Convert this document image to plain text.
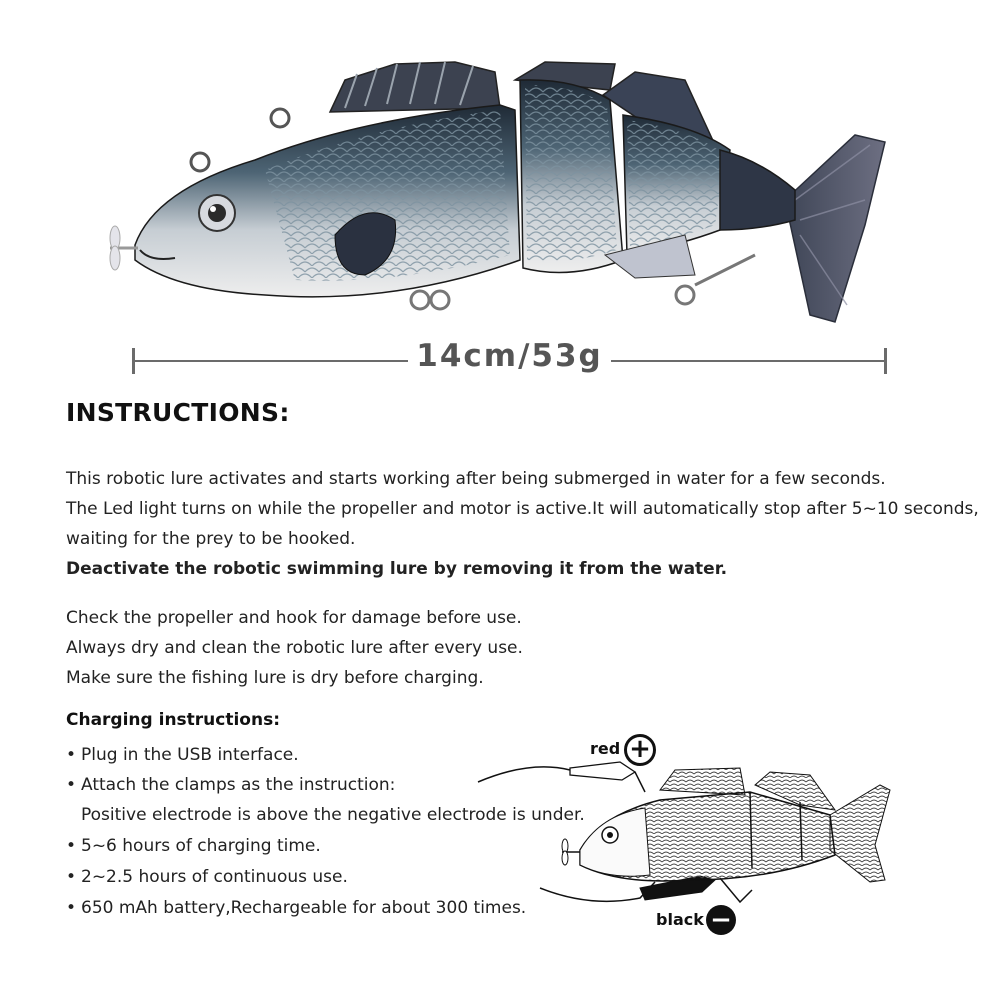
14cm/53g
INSTRUCTIONS:
This robotic lure activates and starts working after being submerged in water for a few seconds.
The Led light turns on while the propeller and motor is active.It will automatically stop after 5~10 seconds,
waiting for the prey to be hooked.
Deactivate the robotic swimming lure by removing it from the water.
Check the propeller and hook for damage before use.
Always dry and clean the robotic lure after every use.
Make sure the fishing lure is dry before charging.
Charging instructions:
• Plug in the USB interface.
• Attach the clamps as the instruction:
Positive electrode is above the negative electrode is under.
• 5~6 hours of charging time.
• 2~2.5 hours of continuous use.
• 650 mAh battery,Rechargeable for about 300 times.
red +
black −
